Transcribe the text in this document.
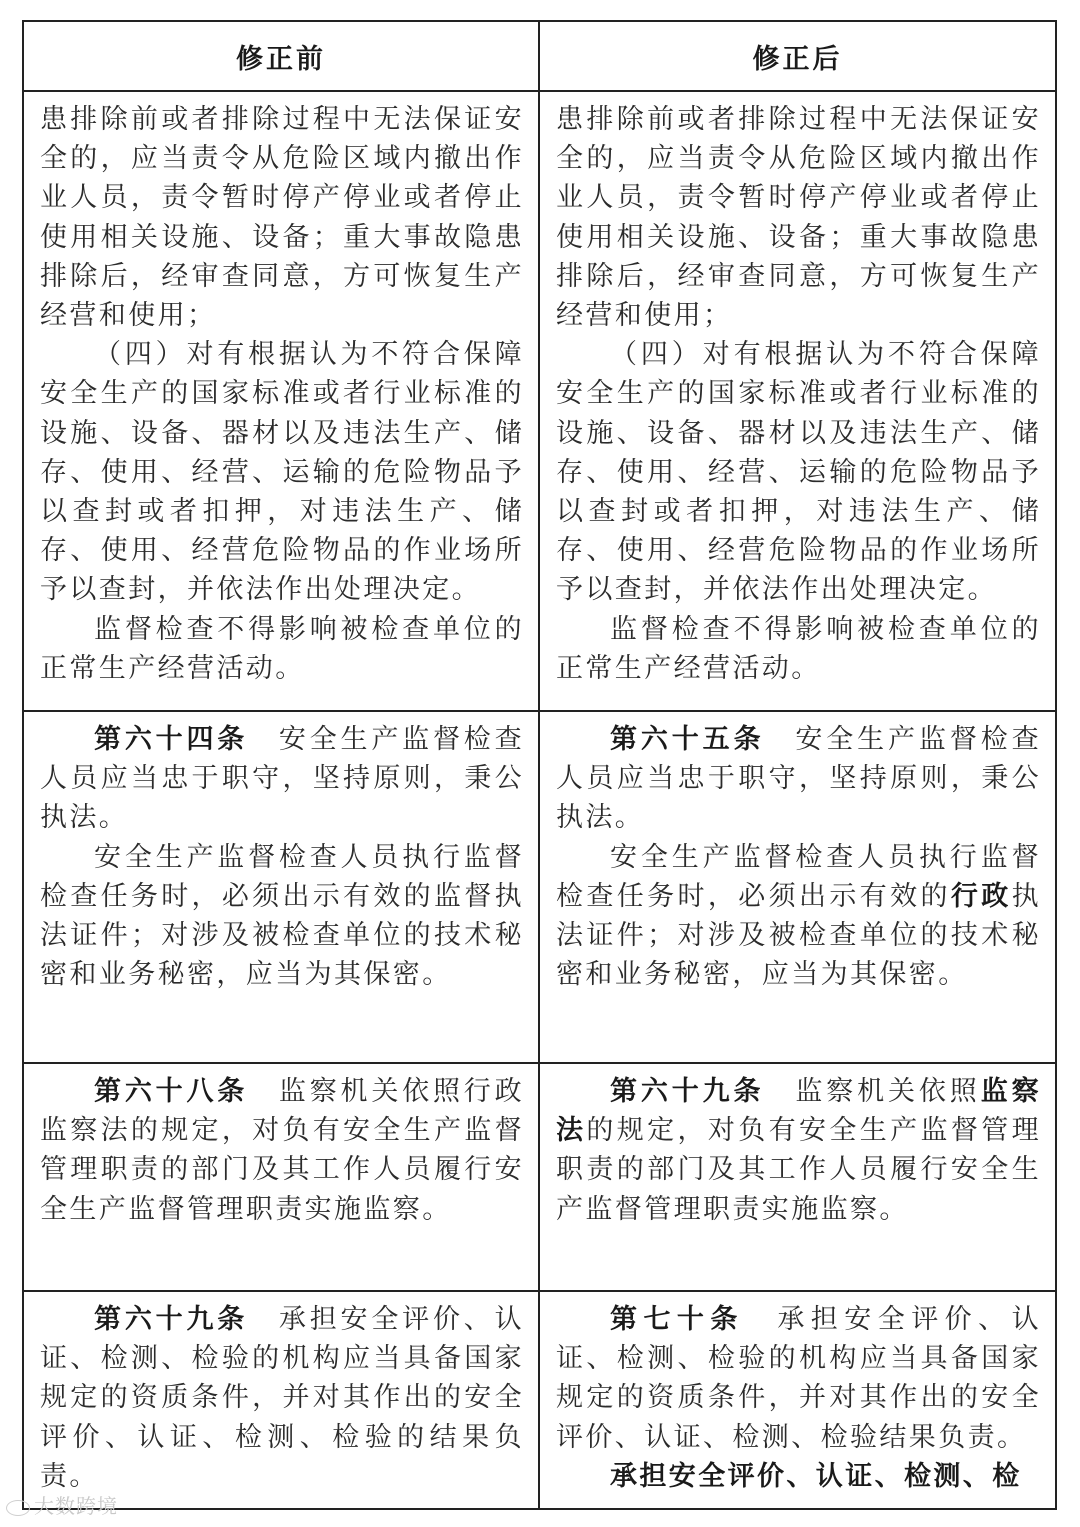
修正前	修正后

患排除前或者排除过程中无法保证安全的，应当责令从危险区域内撤出作业人员，责令暂时停产停业或者停止使用相关设施、设备；重大事故隐患排除后，经审查同意，方可恢复生产经营和使用；

（四）对有根据认为不符合保障安全生产的国家标准或者行业标准的设施、设备、器材以及违法生产、储存、使用、经营、运输的危险物品予以查封或者扣押，对违法生产、储存、使用、经营危险物品的作业场所予以查封，并依法作出处理决定。

监督检查不得影响被检查单位的正常生产经营活动。

患排除前或者排除过程中无法保证安全的，应当责令从危险区域内撤出作业人员，责令暂时停产停业或者停止使用相关设施、设备；重大事故隐患排除后，经审查同意，方可恢复生产经营和使用；

（四）对有根据认为不符合保障安全生产的国家标准或者行业标准的设施、设备、器材以及违法生产、储存、使用、经营、运输的危险物品予以查封或者扣押，对违法生产、储存、使用、经营危险物品的作业场所予以查封，并依法作出处理决定。

监督检查不得影响被检查单位的正常生产经营活动。

第六十四条　安全生产监督检查人员应当忠于职守，坚持原则，秉公执法。

安全生产监督检查人员执行监督检查任务时，必须出示有效的监督执法证件；对涉及被检查单位的技术秘密和业务秘密，应当为其保密。

第六十五条　安全生产监督检查人员应当忠于职守，坚持原则，秉公执法。

安全生产监督检查人员执行监督检查任务时，必须出示有效的行政执法证件；对涉及被检查单位的技术秘密和业务秘密，应当为其保密。

第六十八条　监察机关依照行政监察法的规定，对负有安全生产监督管理职责的部门及其工作人员履行安全生产监督管理职责实施监察。

第六十九条　监察机关依照监察法的规定，对负有安全生产监督管理职责的部门及其工作人员履行安全生产监督管理职责实施监察。

第六十九条　承担安全评价、认证、检测、检验的机构应当具备国家规定的资质条件，并对其作出的安全评价、认证、检测、检验的结果负责。

第七十条　承担安全评价、认证、检测、检验的机构应当具备国家规定的资质条件，并对其作出的安全评价、认证、检测、检验结果负责。

承担安全评价、认证、检测、检

大数跨境
